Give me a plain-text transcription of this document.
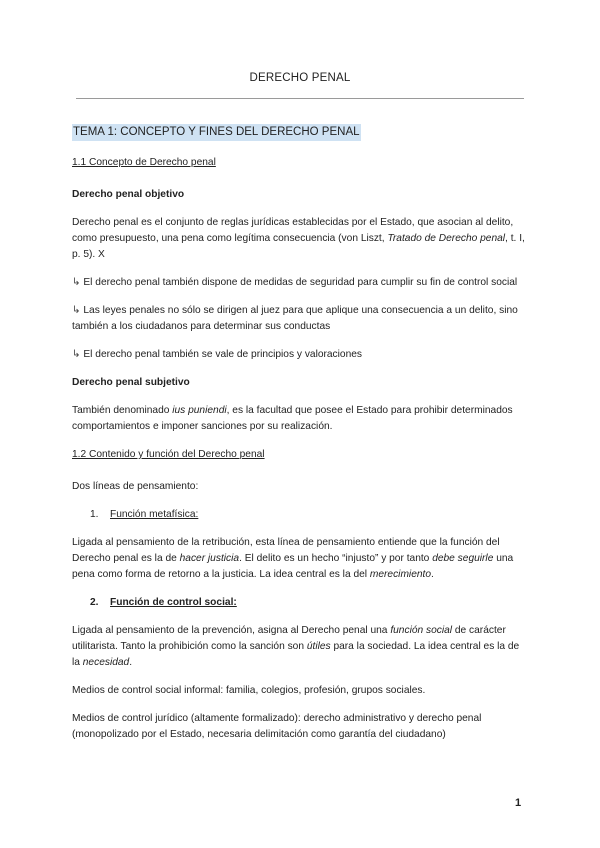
DERECHO PENAL
TEMA 1: CONCEPTO Y FINES DEL DERECHO PENAL
1.1 Concepto de Derecho penal

Derecho penal objetivo

Derecho penal es el conjunto de reglas jurídicas establecidas por el Estado, que asocian al delito, como presupuesto, una pena como legítima consecuencia (von Liszt, Tratado de Derecho penal, t. I, p. 5). X

↳ El derecho penal también dispone de medidas de seguridad para cumplir su fin de control social

↳ Las leyes penales no sólo se dirigen al juez para que aplique una consecuencia a un delito, sino también a los ciudadanos para determinar sus conductas

↳ El derecho penal también se vale de principios y valoraciones

Derecho penal subjetivo

También denominado ius puniendi, es la facultad que posee el Estado para prohibir determinados comportamientos e imponer sanciones por su realización.

1.2 Contenido y función del Derecho penal

Dos líneas de pensamiento:

1. Función metafísica:

Ligada al pensamiento de la retribución, esta línea de pensamiento entiende que la función del Derecho penal es la de hacer justicia. El delito es un hecho “injusto” y por tanto debe seguirle una pena como forma de retorno a la justicia. La idea central es la del merecimiento.

2. Función de control social:

Ligada al pensamiento de la prevención, asigna al Derecho penal una función social de carácter utilitarista. Tanto la prohibición como la sanción son útiles para la sociedad. La idea central es la de la necesidad.

Medios de control social informal: familia, colegios, profesión, grupos sociales.

Medios de control jurídico (altamente formalizado): derecho administrativo y derecho penal (monopolizado por el Estado, necesaria delimitación como garantía del ciudadano)

1
